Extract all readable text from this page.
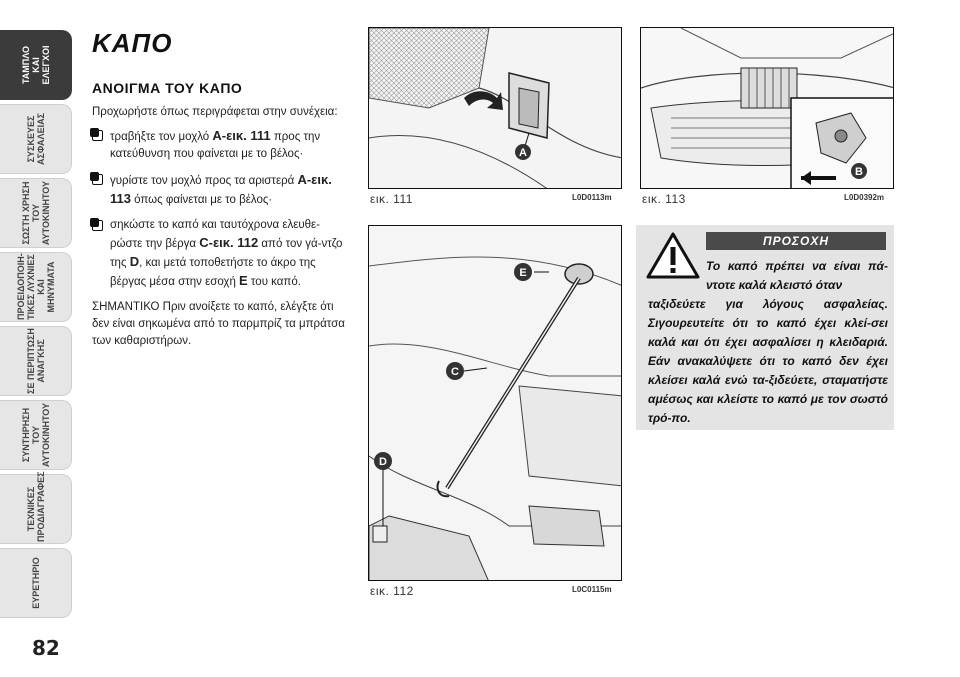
ΤΑΜΠΛΟ
ΚΑΙ
ΕΛΕΓΧΟΙ
ΣΥΣΚΕΥΕΣ
ΑΣΦΑΛΕΙΑΣ
ΣΩΣΤΗ ΧΡΗΣΗ
ΤΟΥ
ΑΥΤΟΚΙΝΗΤΟΥ
ΠΡΟΕΙΔΟΠΟΙΗ-
ΤΙΚΕΣ ΛΥΧΝΙΕΣ
ΚΑΙ ΜΗΝΥΜΑΤΑ
ΣΕ ΠΕΡΙΠΤΩΣΗ
ΑΝΑΓΚΗΣ
ΣΥΝΤΗΡΗΣΗ
ΤΟΥ
ΑΥΤΟΚΙΝΗΤΟΥ
ΤΕΧΝΙΚΕΣ
ΠΡΟΔΙΑΓΡΑΦΕΣ
ΕΥΡΕΤΗΡΙΟ
82
ΚΑΠΟ
ΑΝΟΙΓΜΑ ΤΟΥ ΚΑΠΟ

Προχωρήστε όπως περιγράφεται στην συνέχεια:

τραβήξτε τον μοχλό A-εικ. 111 προς την κατεύθυνση που φαίνεται με το βέλος·
γυρίστε τον μοχλό προς τα αριστερά A-εικ. 113 όπως φαίνεται με το βέλος·
σηκώστε το καπό και ταυτόχρονα ελευθε-ρώστε την βέργα C-εικ. 112 από τον γά-ντζο της D, και μετά τοποθετήστε το άκρο της βέργας μέσα στην εσοχή E του καπό.

ΣΗΜΑΝΤΙΚΟ Πριν ανοίξετε το καπό, ελέγξτε ότι δεν είναι σηκωμένα από το παρμπρίζ τα μπράτσα των καθαριστήρων.

A
εικ. 111	L0D0113m
B
εικ. 113	L0D0392m
E
C
D
εικ. 112	L0C0115m
ΠΡΟΣΟΧΗ
Το καπό πρέπει να είναι πά-ντοτε καλά κλειστό όταν
ταξιδεύετε για λόγους ασφαλείας. Σιγουρευτείτε ότι το καπό έχει κλεί-σει καλά και ότι έχει ασφαλίσει η κλειδαριά. Εάν ανακαλύψετε ότι το καπό δεν έχει κλείσει καλά ενώ τα-ξιδεύετε, σταματήστε αμέσως και κλείστε το καπό με τον σωστό τρό-πο.
